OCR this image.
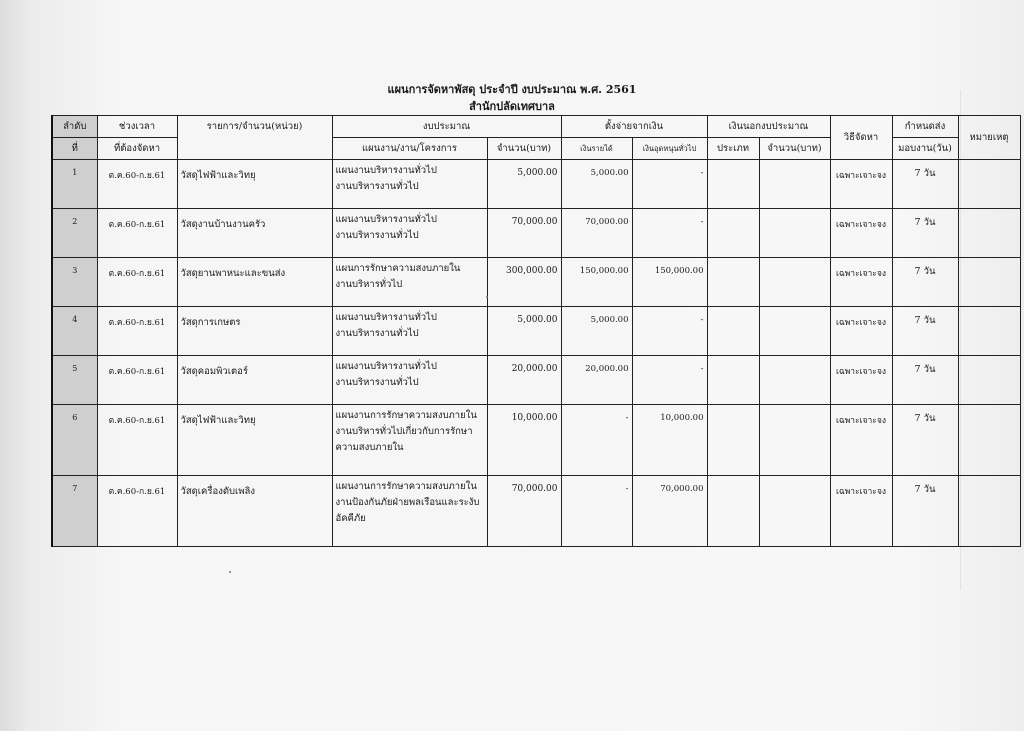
แผนการจัดหาพัสดุ ประจำปี งบประมาณ พ.ศ. 2561
สำนักปลัดเทศบาล
ลำดับ	ช่วงเวลา	รายการ/จำนวน(หน่วย)	งบประมาณ		ตั้งจ่ายจากเงิน		เงินนอกงบประมาณ		วิธีจัดหา	กำหนดส่ง	หมายเหตุ
ที่	ที่ต้องจัดหา		แผนงาน/งาน/โครงการ	จำนวน(บาท)	เงินรายได้	เงินอุดหนุนทั่วไป	ประเภท	จำนวน(บาท)		มอบงาน(วัน)	
1	ต.ค.60-ก.ย.61	วัสดุไฟฟ้าและวิทยุ	แผนงานบริหารงานทั่วไป
งานบริหารงานทั่วไป	5,000.00	5,000.00	-			เฉพาะเจาะจง	7 วัน	
2	ต.ค.60-ก.ย.61	วัสดุงานบ้านงานครัว	แผนงานบริหารงานทั่วไป
งานบริหารงานทั่วไป	70,000.00	70,000.00	-			เฉพาะเจาะจง	7 วัน	
3	ต.ค.60-ก.ย.61	วัสดุยานพาหนะและขนส่ง	แผนการรักษาความสงบภายใน
งานบริหารทั่วไป	300,000.00	150,000.00	150,000.00			เฉพาะเจาะจง	7 วัน	
4	ต.ค.60-ก.ย.61	วัสดุการเกษตร	แผนงานบริหารงานทั่วไป
งานบริหารงานทั่วไป	5,000.00	5,000.00	-			เฉพาะเจาะจง	7 วัน	
5	ต.ค.60-ก.ย.61	วัสดุคอมพิวเตอร์	แผนงานบริหารงานทั่วไป
งานบริหารงานทั่วไป	20,000.00	20,000.00	-			เฉพาะเจาะจง	7 วัน	
6	ต.ค.60-ก.ย.61	วัสดุไฟฟ้าและวิทยุ	แผนงานการรักษาความสงบภายใน
งานบริหารทั่วไปเกี่ยวกับการรักษา
ความสงบภายใน	10,000.00	-	10,000.00			เฉพาะเจาะจง	7 วัน	
7	ต.ค.60-ก.ย.61	วัสดุเครื่องดับเพลิง	แผนงานการรักษาความสงบภายใน
งานป้องกันภัยฝ่ายพลเรือนและระงับ
อัคคีภัย	70,000.00	-	70,000.00			เฉพาะเจาะจง	7 วัน	
